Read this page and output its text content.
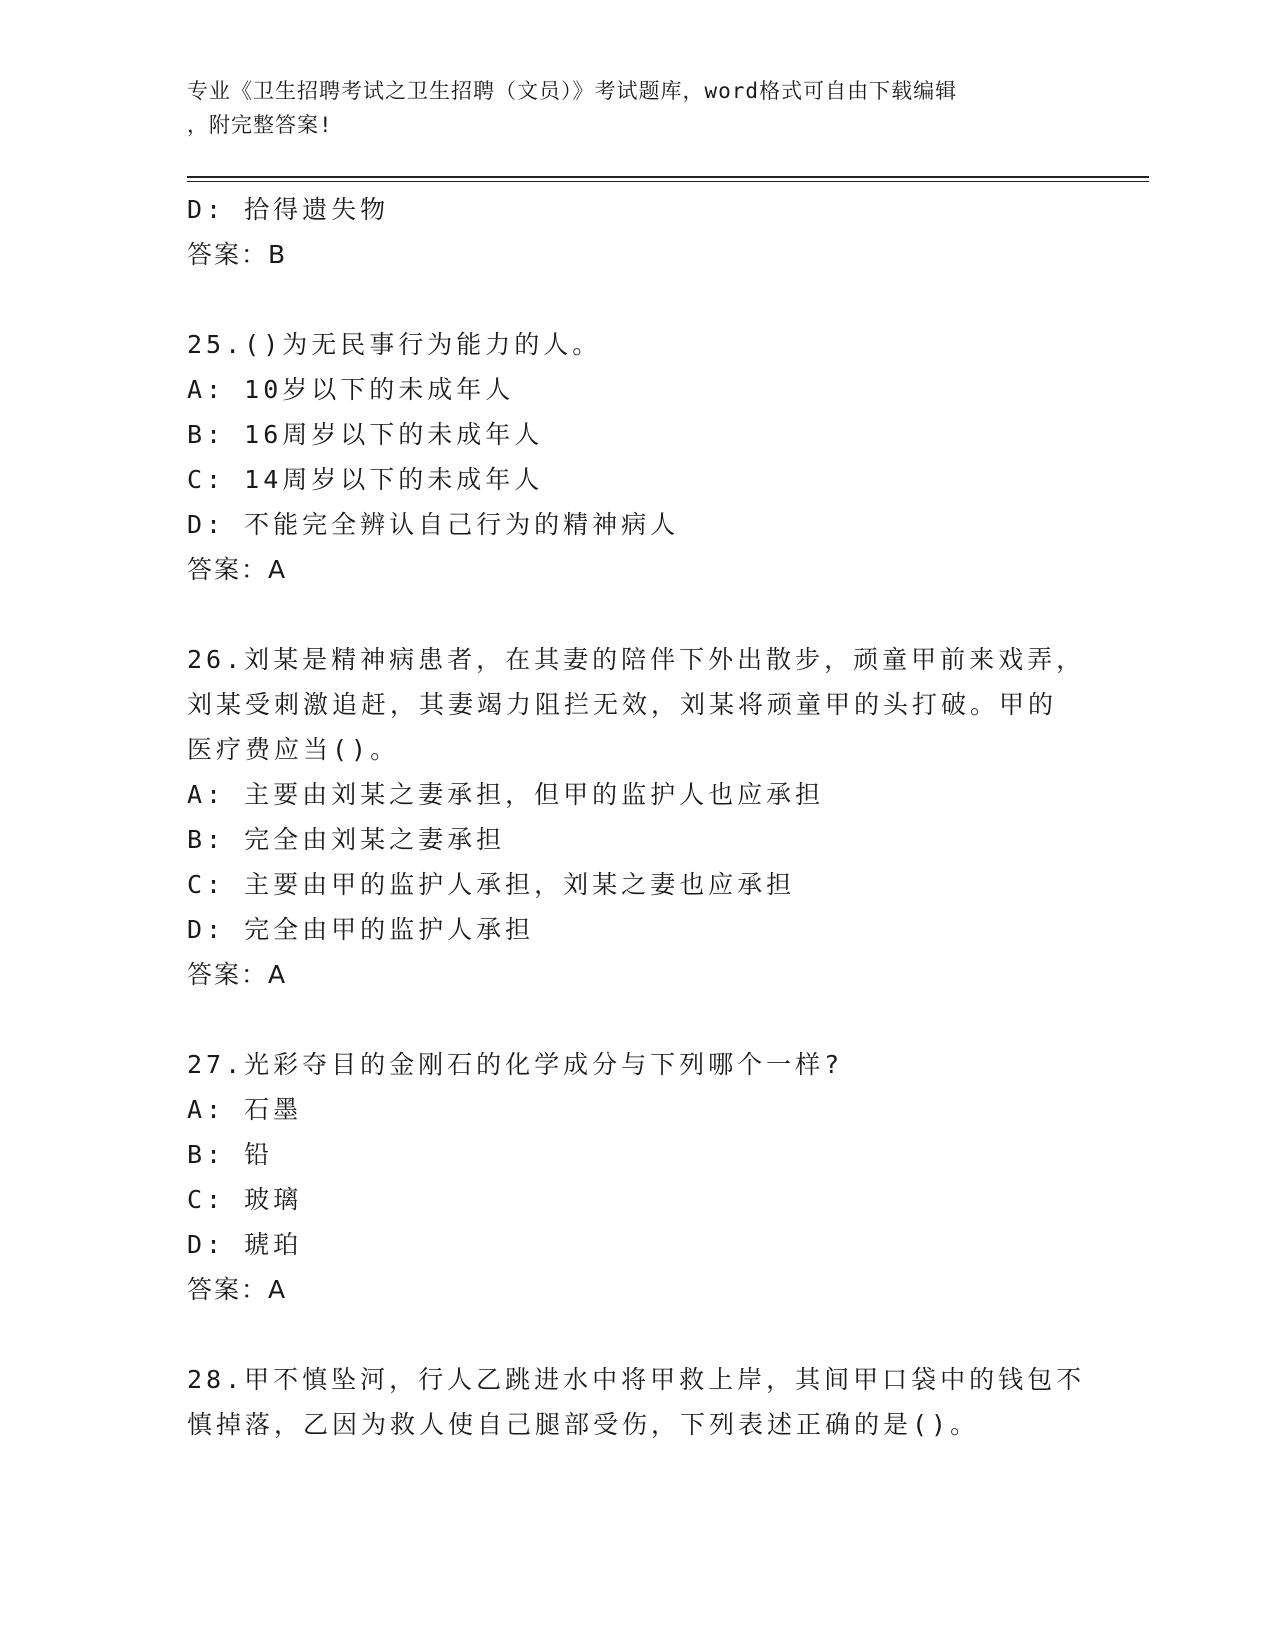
专业《卫生招聘考试之卫生招聘（文员）》考试题库，word格式可自由下载编辑
，附完整答案!
D: 拾得遗失物
答案：B
25.()为无民事行为能力的人。
A: 10岁以下的未成年人
B: 16周岁以下的未成年人
C: 14周岁以下的未成年人
D: 不能完全辨认自己行为的精神病人
答案：A
26.刘某是精神病患者，在其妻的陪伴下外出散步，顽童甲前来戏弄，
刘某受刺激追赶，其妻竭力阻拦无效，刘某将顽童甲的头打破。甲的
医疗费应当()。
A: 主要由刘某之妻承担，但甲的监护人也应承担
B: 完全由刘某之妻承担
C: 主要由甲的监护人承担，刘某之妻也应承担
D: 完全由甲的监护人承担
答案：A
27.光彩夺目的金刚石的化学成分与下列哪个一样?
A: 石墨
B: 铅
C: 玻璃
D: 琥珀
答案：A
28.甲不慎坠河，行人乙跳进水中将甲救上岸，其间甲口袋中的钱包不
慎掉落，乙因为救人使自己腿部受伤，下列表述正确的是()。
